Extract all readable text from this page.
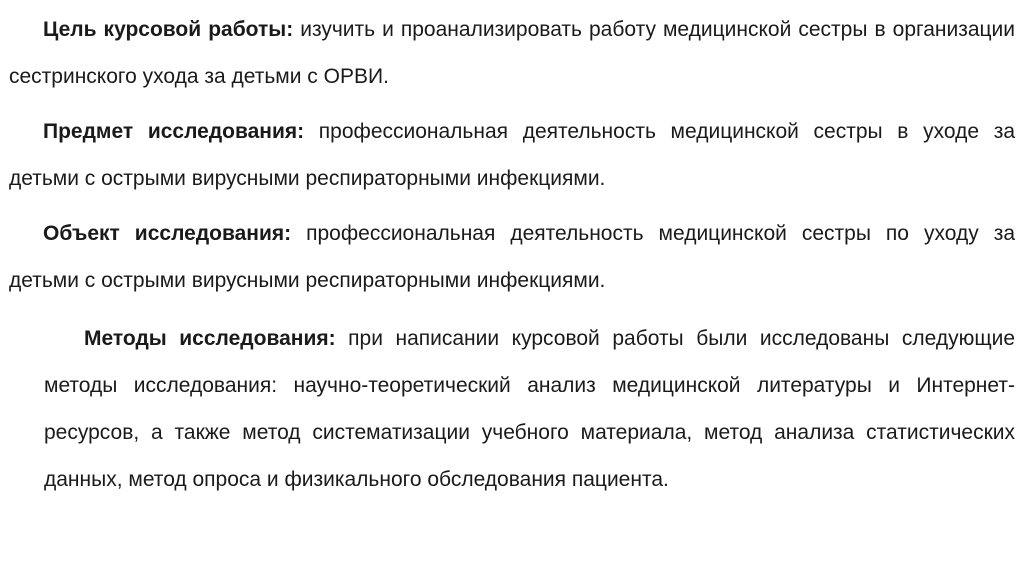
Цель курсовой работы: изучить и проанализировать работу медицинской сестры в организации сестринского ухода за детьми с ОРВИ.

Предмет исследования: профессиональная деятельность медицинской сестры в уходе за детьми с острыми вирусными респираторными инфекциями.

Объект исследования: профессиональная деятельность медицинской сестры по уходу за детьми с острыми вирусными респираторными инфекциями.

Методы исследования: при написании курсовой работы были исследованы следующие методы исследования: научно-теоретический анализ медицинской литературы и Интернет-ресурсов, а также метод систематизации учебного материала, метод анализа статистических данных, метод опроса и физикального обследования пациента.
